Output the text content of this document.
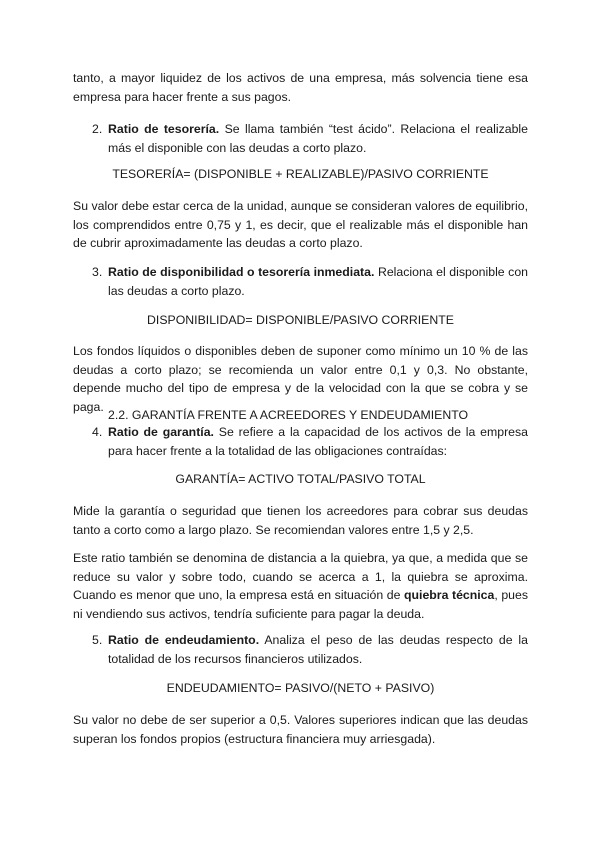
tanto, a mayor liquidez de los activos de una empresa, más solvencia tiene esa empresa para hacer frente a sus pagos.

2. Ratio de tesorería. Se llama también “test ácido”. Relaciona el realizable más el disponible con las deudas a corto plazo.

TESORERÍA= (DISPONIBLE + REALIZABLE)/PASIVO CORRIENTE

Su valor debe estar cerca de la unidad, aunque se consideran valores de equilibrio, los comprendidos entre 0,75 y 1, es decir, que el realizable más el disponible han de cubrir aproximadamente las deudas a corto plazo.

3. Ratio de disponibilidad o tesorería inmediata. Relaciona el disponible con las deudas a corto plazo.

DISPONIBILIDAD= DISPONIBLE/PASIVO CORRIENTE

Los fondos líquidos o disponibles deben de suponer como mínimo un 10 % de las deudas a corto plazo; se recomienda un valor entre 0,1 y 0,3. No obstante, depende mucho del tipo de empresa y de la velocidad con la que se cobra y se paga.

2.2. GARANTÍA FRENTE A ACREEDORES Y ENDEUDAMIENTO

4. Ratio de garantía. Se refiere a la capacidad de los activos de la empresa para hacer frente a la totalidad de las obligaciones contraídas:

GARANTÍA= ACTIVO TOTAL/PASIVO TOTAL

Mide la garantía o seguridad que tienen los acreedores para cobrar sus deudas tanto a corto como a largo plazo. Se recomiendan valores entre 1,5 y 2,5.

Este ratio también se denomina de distancia a la quiebra, ya que, a medida que se reduce su valor y sobre todo, cuando se acerca a 1, la quiebra se aproxima. Cuando es menor que uno, la empresa está en situación de quiebra técnica, pues ni vendiendo sus activos, tendría suficiente para pagar la deuda.

5. Ratio de endeudamiento. Analiza el peso de las deudas respecto de la totalidad de los recursos financieros utilizados.

ENDEUDAMIENTO= PASIVO/(NETO + PASIVO)

Su valor no debe de ser superior a 0,5. Valores superiores indican que las deudas superan los fondos propios (estructura financiera muy arriesgada).
